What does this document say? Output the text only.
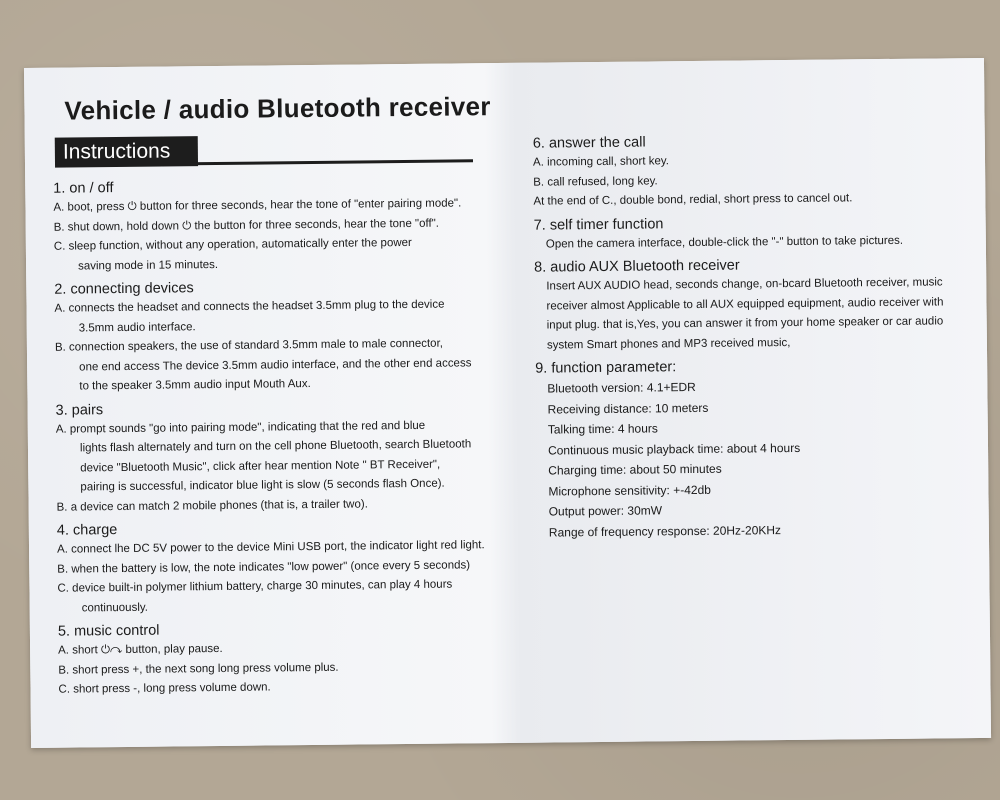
Vehicle / audio Bluetooth receiver
Instructions
1. on / off
A. boot, press ⏻ button for three seconds, hear the tone of "enter pairing mode".
B. shut down, hold down ⏻ the button for three seconds, hear the tone "off".
C. sleep function, without any operation, automatically enter the power
saving mode in 15 minutes.
2. connecting devices
A. connects the headset and connects the headset 3.5mm plug to the device
3.5mm audio interface.
B. connection speakers, the use of standard 3.5mm male to male connector,
one end access The device 3.5mm audio interface, and the other end access
to the speaker 3.5mm audio input Mouth Aux.
3. pairs
A. prompt sounds "go into pairing mode", indicating that the red and blue
lights flash alternately and turn on the cell phone Bluetooth, search Bluetooth
device "Bluetooth Music", click after hear mention Note " BT Receiver",
pairing is successful, indicator blue light is slow (5 seconds flash Once).
B. a device can match 2 mobile phones (that is, a trailer two).
4. charge
A. connect lhe DC 5V power to the device Mini USB port, the indicator light red light.
B. when the battery is low, the note indicates "low power" (once every 5 seconds)
C. device built-in polymer lithium battery, charge 30 minutes, can play 4 hours
continuously.
5. music control
A. short ⏻↷ button, play pause.
B. short press +, the next song long press volume plus.
C. short press -, long press volume down.
6. answer the call
A. incoming call, short key.
B. call refused, long key.
At the end of C., double bond, redial, short press to cancel out.
7. self timer function
Open the camera interface, double-click the "-" button to take pictures.
8. audio AUX Bluetooth receiver
Insert AUX AUDIO head, seconds change, on-bcard Bluetooth receiver, music
receiver almost Applicable to all AUX equipped equipment, audio receiver with
input plug. that is,Yes, you can answer it from your home speaker or car audio
system Smart phones and MP3 received music,
9. function parameter:
Bluetooth version: 4.1+EDR
Receiving distance: 10 meters
Talking time: 4 hours
Continuous music playback time: about 4 hours
Charging time: about 50 minutes
Microphone sensitivity: +-42db
Output power: 30mW
Range of frequency response: 20Hz-20KHz
